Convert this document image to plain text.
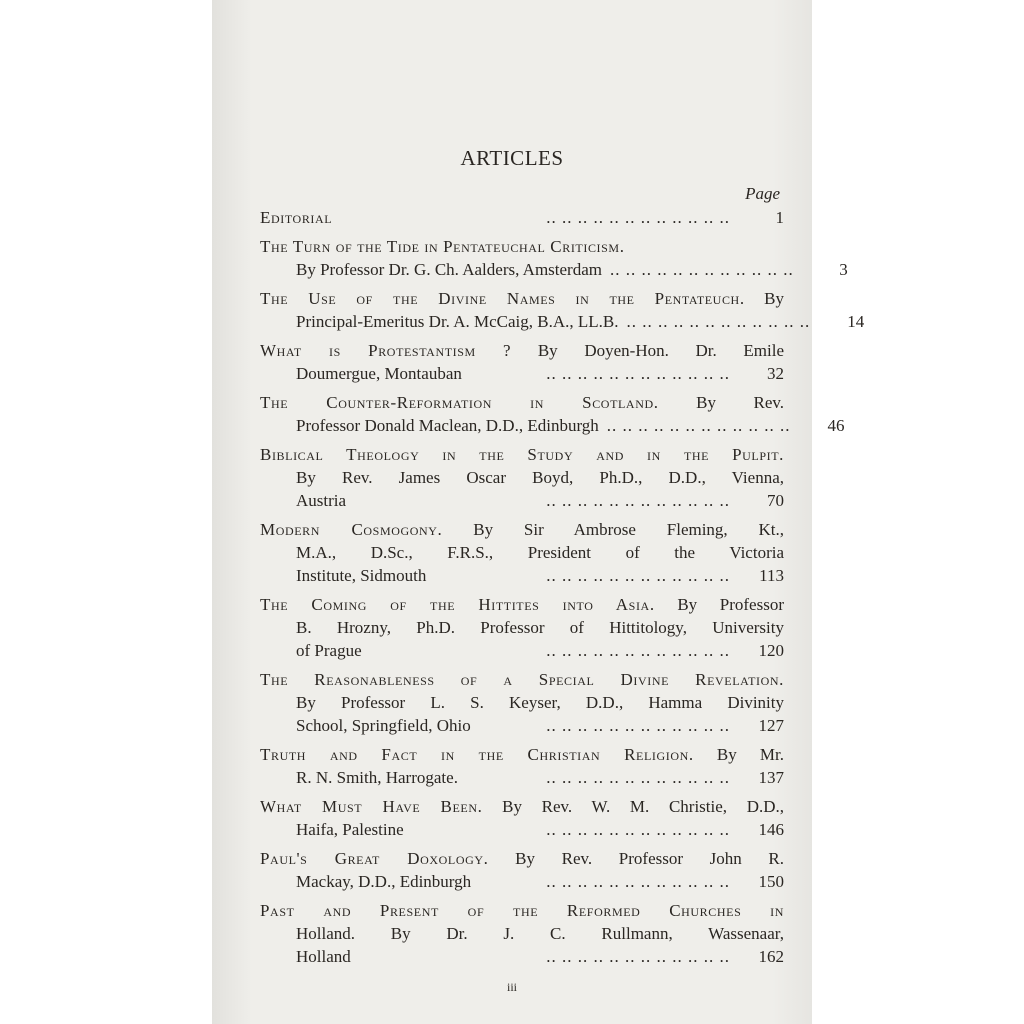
ARTICLES
Page
Editorial	.. .. .. .. .. .. .. .. .. .. .. ..	1
The Turn of the Tide in Pentateuchal Criticism.
By Professor Dr. G. Ch. Aalders, Amsterdam .. .. .. .. .. .. .. .. .. .. .. ..	3
The Use of the Divine Names in the Pentateuch. By
Principal-Emeritus Dr. A. McCaig, B.A., LL.B. .. .. .. .. .. .. .. .. .. .. .. ..	14
What is Protestantism ? By Doyen-Hon. Dr. Emile
Doumergue, Montauban	.. .. .. .. .. .. .. .. .. .. .. ..	32
The Counter-Reformation in Scotland. By Rev.
Professor Donald Maclean, D.D., Edinburgh .. .. .. .. .. .. .. .. .. .. .. ..	46
Biblical Theology in the Study and in the Pulpit.
By Rev. James Oscar Boyd, Ph.D., D.D., Vienna,
Austria	.. .. .. .. .. .. .. .. .. .. .. ..	70
Modern Cosmogony. By Sir Ambrose Fleming, Kt.,
M.A., D.Sc., F.R.S., President of the Victoria
Institute, Sidmouth	.. .. .. .. .. .. .. .. .. .. .. ..	113
The Coming of the Hittites into Asia. By Professor
B. Hrozny, Ph.D. Professor of Hittitology, University
of Prague	.. .. .. .. .. .. .. .. .. .. .. ..	120
The Reasonableness of a Special Divine Revelation.
By Professor L. S. Keyser, D.D., Hamma Divinity
School, Springfield, Ohio	.. .. .. .. .. .. .. .. .. .. .. ..	127
Truth and Fact in the Christian Religion. By Mr.
R. N. Smith, Harrogate.	.. .. .. .. .. .. .. .. .. .. .. ..	137
What Must Have Been. By Rev. W. M. Christie, D.D.,
Haifa, Palestine	.. .. .. .. .. .. .. .. .. .. .. ..	146
Paul's Great Doxology. By Rev. Professor John R.
Mackay, D.D., Edinburgh	.. .. .. .. .. .. .. .. .. .. .. ..	150
Past and Present of the Reformed Churches in
Holland. By Dr. J. C. Rullmann, Wassenaar,
Holland	.. .. .. .. .. .. .. .. .. .. .. ..	162
iii
